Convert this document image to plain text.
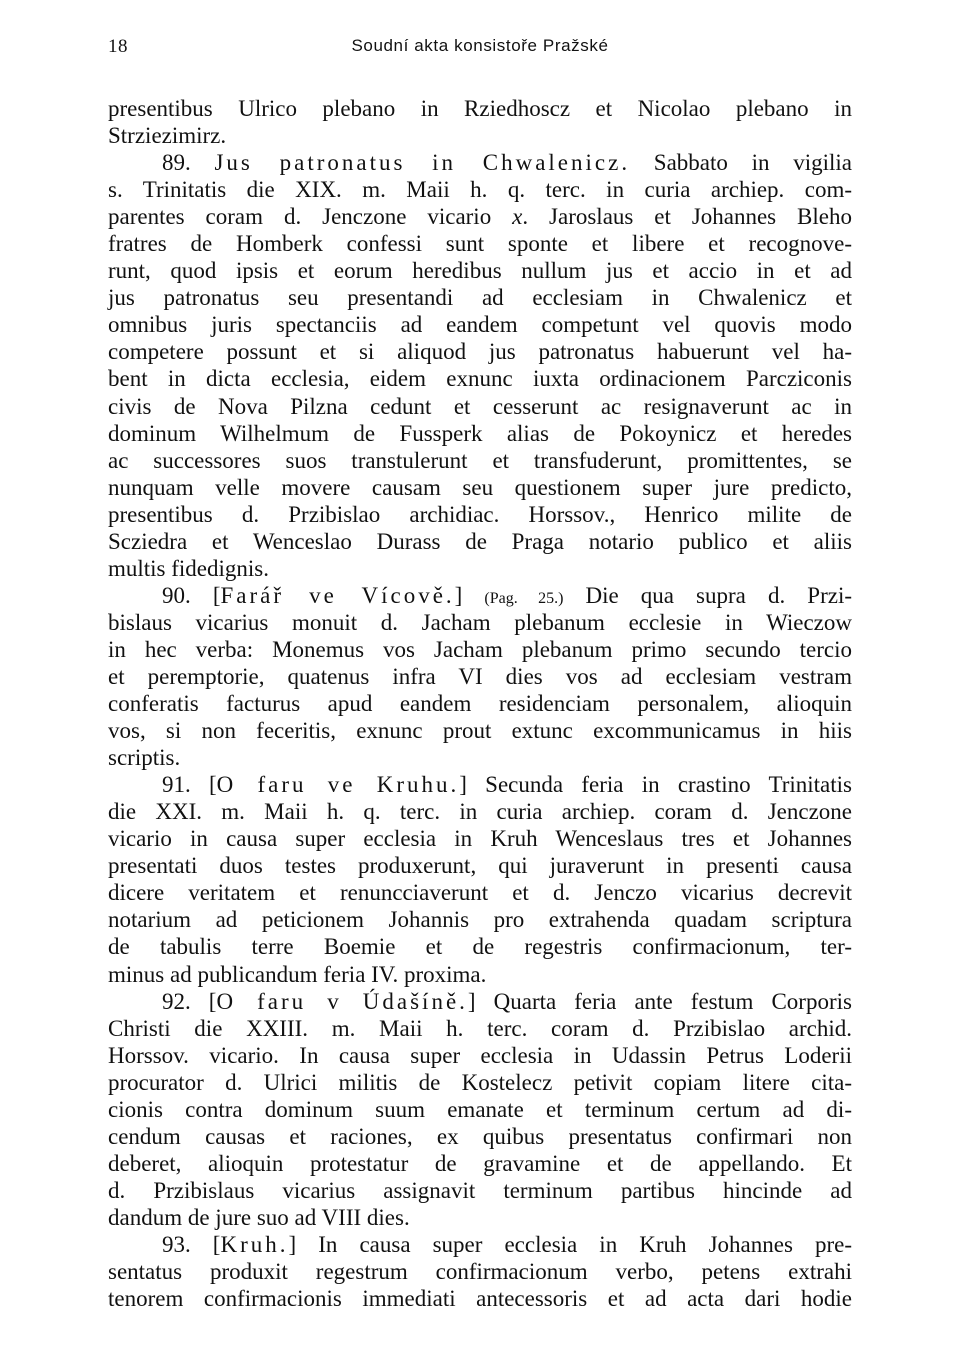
18	Soudní akta konsistoře Pražské
presentibus Ulrico plebano in Rziedhoscz et Nicolao plebano in
Strziezimirz.
89. Jus patronatus in Chwalenicz. Sabbato in vigilia
s. Trinitatis die XIX. m. Maii h. q. terc. in curia archiep. com-
parentes coram d. Jenczone vicario x. Jaroslaus et Johannes Bleho
fratres de Homberk confessi sunt sponte et libere et recognove-
runt, quod ipsis et eorum heredibus nullum jus et accio in et ad
jus patronatus seu presentandi ad ecclesiam in Chwalenicz et
omnibus juris spectanciis ad eandem competunt vel quovis modo
competere possunt et si aliquod jus patronatus habuerunt vel ha-
bent in dicta ecclesia, eidem exnunc iuxta ordinacionem Parcziconis
civis de Nova Pilzna cedunt et cesserunt ac resignaverunt ac in
dominum Wilhelmum de Fussperk alias de Pokoynicz et heredes
ac successores suos transtulerunt et transfuderunt, promittentes, se
nunquam velle movere causam seu questionem super jure predicto,
presentibus d. Przibislao archidiac. Horssov., Henrico milite de
Scziedra et Wenceslao Durass de Praga notario publico et aliis
multis fidedignis.
90. [Farář ve Vícově.] (Pag. 25.) Die qua supra d. Przi-
bislaus vicarius monuit d. Jacham plebanum ecclesie in Wieczow
in hec verba: Monemus vos Jacham plebanum primo secundo tercio
et peremptorie, quatenus infra VI dies vos ad ecclesiam vestram
conferatis facturus apud eandem residenciam personalem, alioquin
vos, si non feceritis, exnunc prout extunc excommunicamus in hiis
scriptis.
91. [O faru ve Kruhu.] Secunda feria in crastino Trinitatis
die XXI. m. Maii h. q. terc. in curia archiep. coram d. Jenczone
vicario in causa super ecclesia in Kruh Wenceslaus tres et Johannes
presentati duos testes produxerunt, qui juraverunt in presenti causa
dicere veritatem et renuncciaverunt et d. Jenczo vicarius decrevit
notarium ad peticionem Johannis pro extrahenda quadam scriptura
de tabulis terre Boemie et de regestris confirmacionum, ter-
minus ad publicandum feria IV. proxima.
92. [O faru v Údašíně.] Quarta feria ante festum Corporis
Christi die XXIII. m. Maii h. terc. coram d. Przibislao archid.
Horssov. vicario. In causa super ecclesia in Udassin Petrus Loderii
procurator d. Ulrici militis de Kostelecz petivit copiam litere cita-
cionis contra dominum suum emanate et terminum certum ad di-
cendum causas et raciones, ex quibus presentatus confirmari non
deberet, alioquin protestatur de gravamine et de appellando. Et
d. Przibislaus vicarius assignavit terminum partibus hincinde ad
dandum de jure suo ad VIII dies.
93. [Kruh.] In causa super ecclesia in Kruh Johannes pre-
sentatus produxit regestrum confirmacionum verbo, petens extrahi
tenorem confirmacionis immediati antecessoris et ad acta dari hodie
